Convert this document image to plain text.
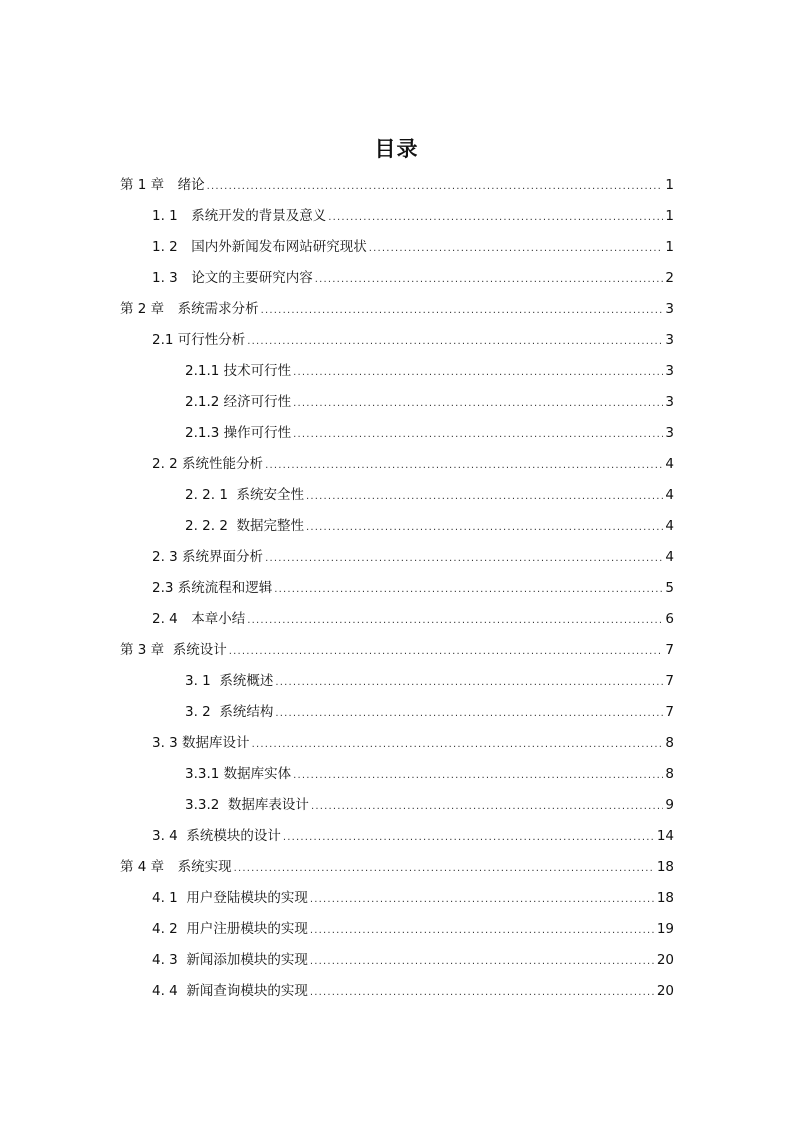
目录
第 1 章　绪论 .....	1
1. 1　系统开发的背景及意义 .....	1
1. 2　国内外新闻发布网站研究现状 .....	1
1. 3　论文的主要研究内容 .....	2
第 2 章　系统需求分析 .....	3
2.1 可行性分析 .....	3
2.1.1 技术可行性 .....	3
2.1.2 经济可行性 .....	3
2.1.3 操作可行性 .....	3
2. 2 系统性能分析 .....	4
2. 2. 1  系统安全性 .....	4
2. 2. 2  数据完整性 .....	4
2. 3 系统界面分析 .....	4
2.3 系统流程和逻辑 .....	5
2. 4　本章小结 .....	6
第 3 章  系统设计 .....	7
3. 1  系统概述 .....	7
3. 2  系统结构 .....	7
3. 3 数据库设计 .....	8
3.3.1 数据库实体 .....	8
3.3.2  数据库表设计 .....	9
3. 4  系统模块的设计 .....	14
第 4 章　系统实现 .....	18
4. 1  用户登陆模块的实现 .....	18
4. 2  用户注册模块的实现 .....	19
4. 3  新闻添加模块的实现 .....	20
4. 4  新闻查询模块的实现 .....	20
